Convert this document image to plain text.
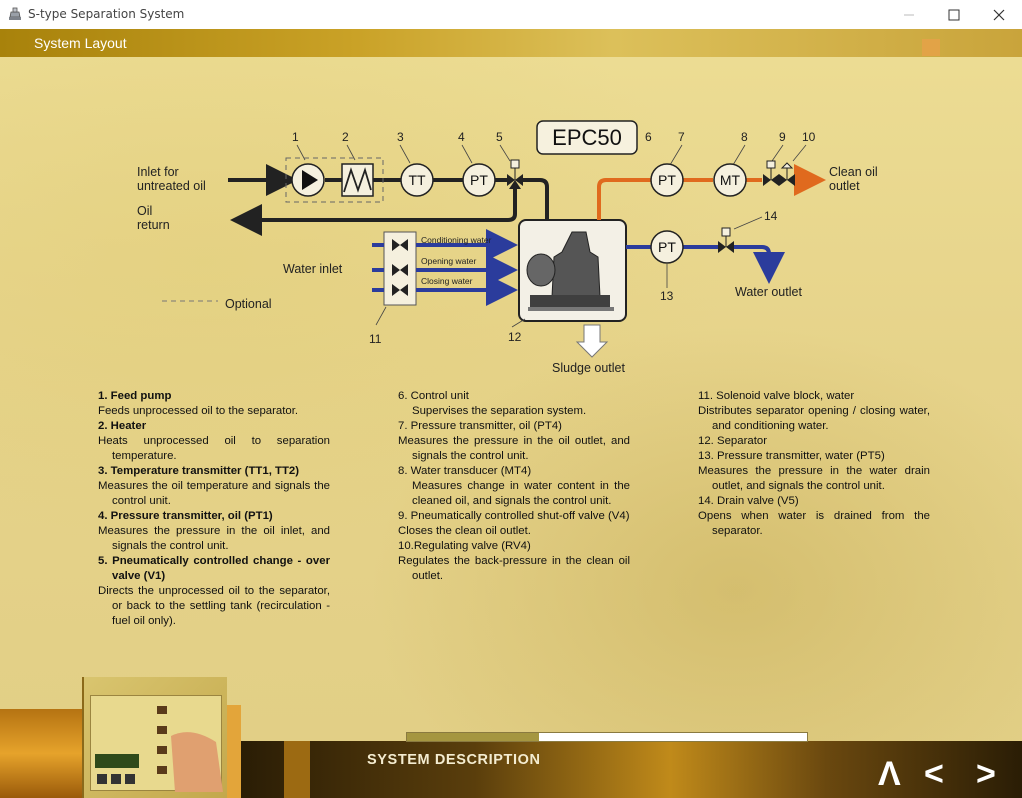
S-type Separation System
System Layout
1	2	3	4	5	6 7	8	9 10
11	12
13
14
EPC50
Inlet for
untreated oil
Oil
return
Water inlet
Optional
Clean oil
outlet
Water outlet
Sludge outlet
TT	PT	PT	MT
PT
Conditioning water
Opening water
Closing water
1. Feed pump
Feeds unprocessed oil to the separator.
2. Heater
Heats unprocessed oil to separation temperature.
3. Temperature transmitter (TT1, TT2)
Measures the oil temperature and signals the control unit.
4. Pressure transmitter, oil (PT1)
Measures the pressure in the oil inlet, and signals the control unit.
5. Pneumatically controlled change - over valve (V1)
Directs the unprocessed oil to the separator, or back to the settling tank (recirculation - fuel oil only).
6. Control unit
Supervises the separation system.
7. Pressure transmitter, oil (PT4)
Measures the pressure in the oil outlet, and signals the control unit.
8. Water transducer (MT4)
Measures change in water content in the cleaned oil, and signals the control unit.
9. Pneumatically controlled shut-off valve (V4)
Closes the clean oil outlet.
10.Regulating valve (RV4)
Regulates the back-pressure in the clean oil outlet.
11. Solenoid valve block, water
Distributes separator opening / closing water, and conditioning water.
12. Separator
13. Pressure transmitter, water (PT5)
Measures the pressure in the water drain outlet, and signals the control unit.
14. Drain valve (V5)
Opens when water is drained from the separator.
SYSTEM DESCRIPTION	Λ < >
